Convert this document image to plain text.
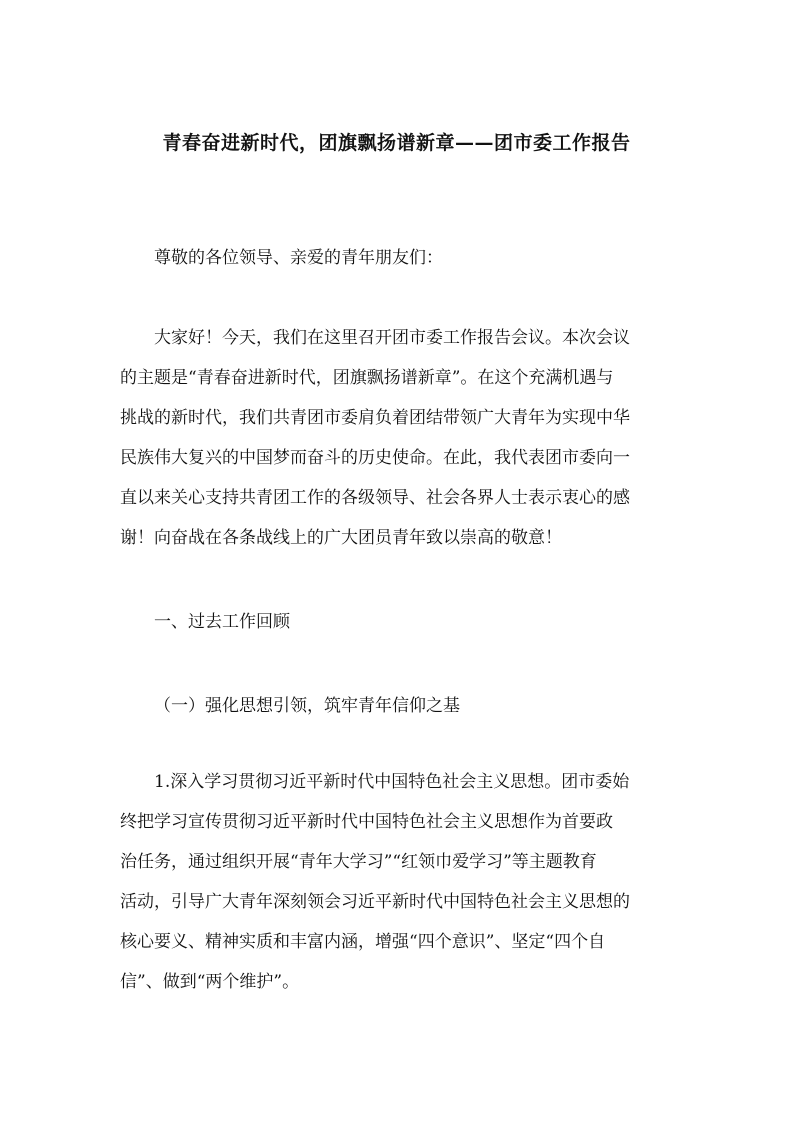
青春奋进新时代，团旗飘扬谱新章——团市委工作报告
尊敬的各位领导、亲爱的青年朋友们：
大家好！今天，我们在这里召开团市委工作报告会议。本次会议
的主题是“青春奋进新时代，团旗飘扬谱新章”。在这个充满机遇与
挑战的新时代，我们共青团市委肩负着团结带领广大青年为实现中华
民族伟大复兴的中国梦而奋斗的历史使命。在此，我代表团市委向一
直以来关心支持共青团工作的各级领导、社会各界人士表示衷心的感
谢！向奋战在各条战线上的广大团员青年致以崇高的敬意！
一、过去工作回顾
（一）强化思想引领，筑牢青年信仰之基
1.深入学习贯彻习近平新时代中国特色社会主义思想。团市委始
终把学习宣传贯彻习近平新时代中国特色社会主义思想作为首要政
治任务，通过组织开展“青年大学习”“红领巾爱学习”等主题教育
活动，引导广大青年深刻领会习近平新时代中国特色社会主义思想的
核心要义、精神实质和丰富内涵，增强“四个意识”、坚定“四个自
信”、做到“两个维护”。
